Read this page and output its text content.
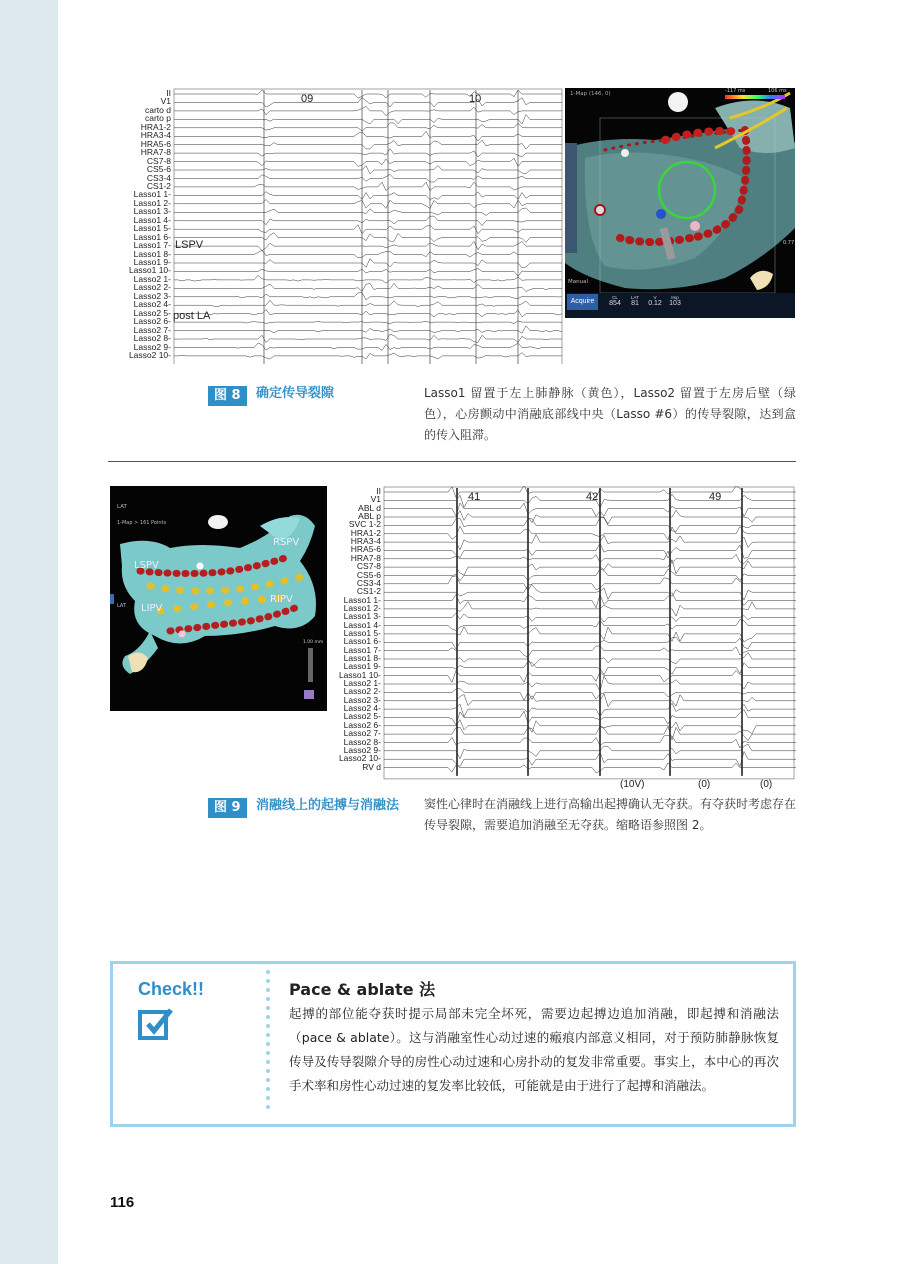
II
V1
carto d
carto p
HRA1-2
HRA3-4
HRA5-6
HRA7-8
CS7-8
CS5-6
CS3-4
CS1-2
Lasso1 1-
Lasso1 2-
Lasso1 3-
Lasso1 4-
Lasso1 5-
Lasso1 6-
Lasso1 7-
Lasso1 8-
Lasso1 9-
Lasso1 10-
Lasso2 1-
Lasso2 2-
Lasso2 3-
Lasso2 4-
Lasso2 5-
Lasso2 6-
Lasso2 7-
Lasso2 8-
Lasso2 9-
Lasso2 10-
09	10
LSPV
post LA
1-Map (146, 0)	-117 ms	106 ms
0.77
Manual
Acquire
CL
854
LAT
81
V
0.12
Imp
103
图 8	确定传导裂隙	Lasso1 留置于左上肺静脉（黄色），Lasso2 留置于左房后壁（绿色），心房颤动中消融底部线中央（Lasso #6）的传导裂隙，达到盒的传入阻滞。
LAT
1-Map > 161 Points
LAT
1.00 mm
LSPV
RSPV
LIPV
RIPV
II
V1
ABL d
ABL p
SVC 1-2
HRA1-2
HRA3-4
HRA5-6
HRA7-8
CS7-8
CS5-6
CS3-4
CS1-2
Lasso1 1-
Lasso1 2-
Lasso1 3-
Lasso1 4-
Lasso1 5-
Lasso1 6-
Lasso1 7-
Lasso1 8-
Lasso1 9-
Lasso1 10-
Lasso2 1-
Lasso2 2-
Lasso2 3-
Lasso2 4-
Lasso2 5-
Lasso2 6-
Lasso2 7-
Lasso2 8-
Lasso2 9-
Lasso2 10-
RV d
41	42	49
(10V)	(0)	(0)
图 9	消融线上的起搏与消融法	窦性心律时在消融线上进行高输出起搏确认无夺获。有夺获时考虑存在传导裂隙，需要追加消融至无夺获。缩略语参照图 2。
Check!!	Pace & ablate 法
起搏的部位能夺获时提示局部未完全坏死，需要边起搏边追加消融，即起搏和消融法（pace & ablate）。这与消融室性心动过速的瘢痕内部意义相同，对于预防肺静脉恢复传导及传导裂隙介导的房性心动过速和心房扑动的复发非常重要。事实上，本中心的再次手术率和房性心动过速的复发率比较低，可能就是由于进行了起搏和消融法。
116
